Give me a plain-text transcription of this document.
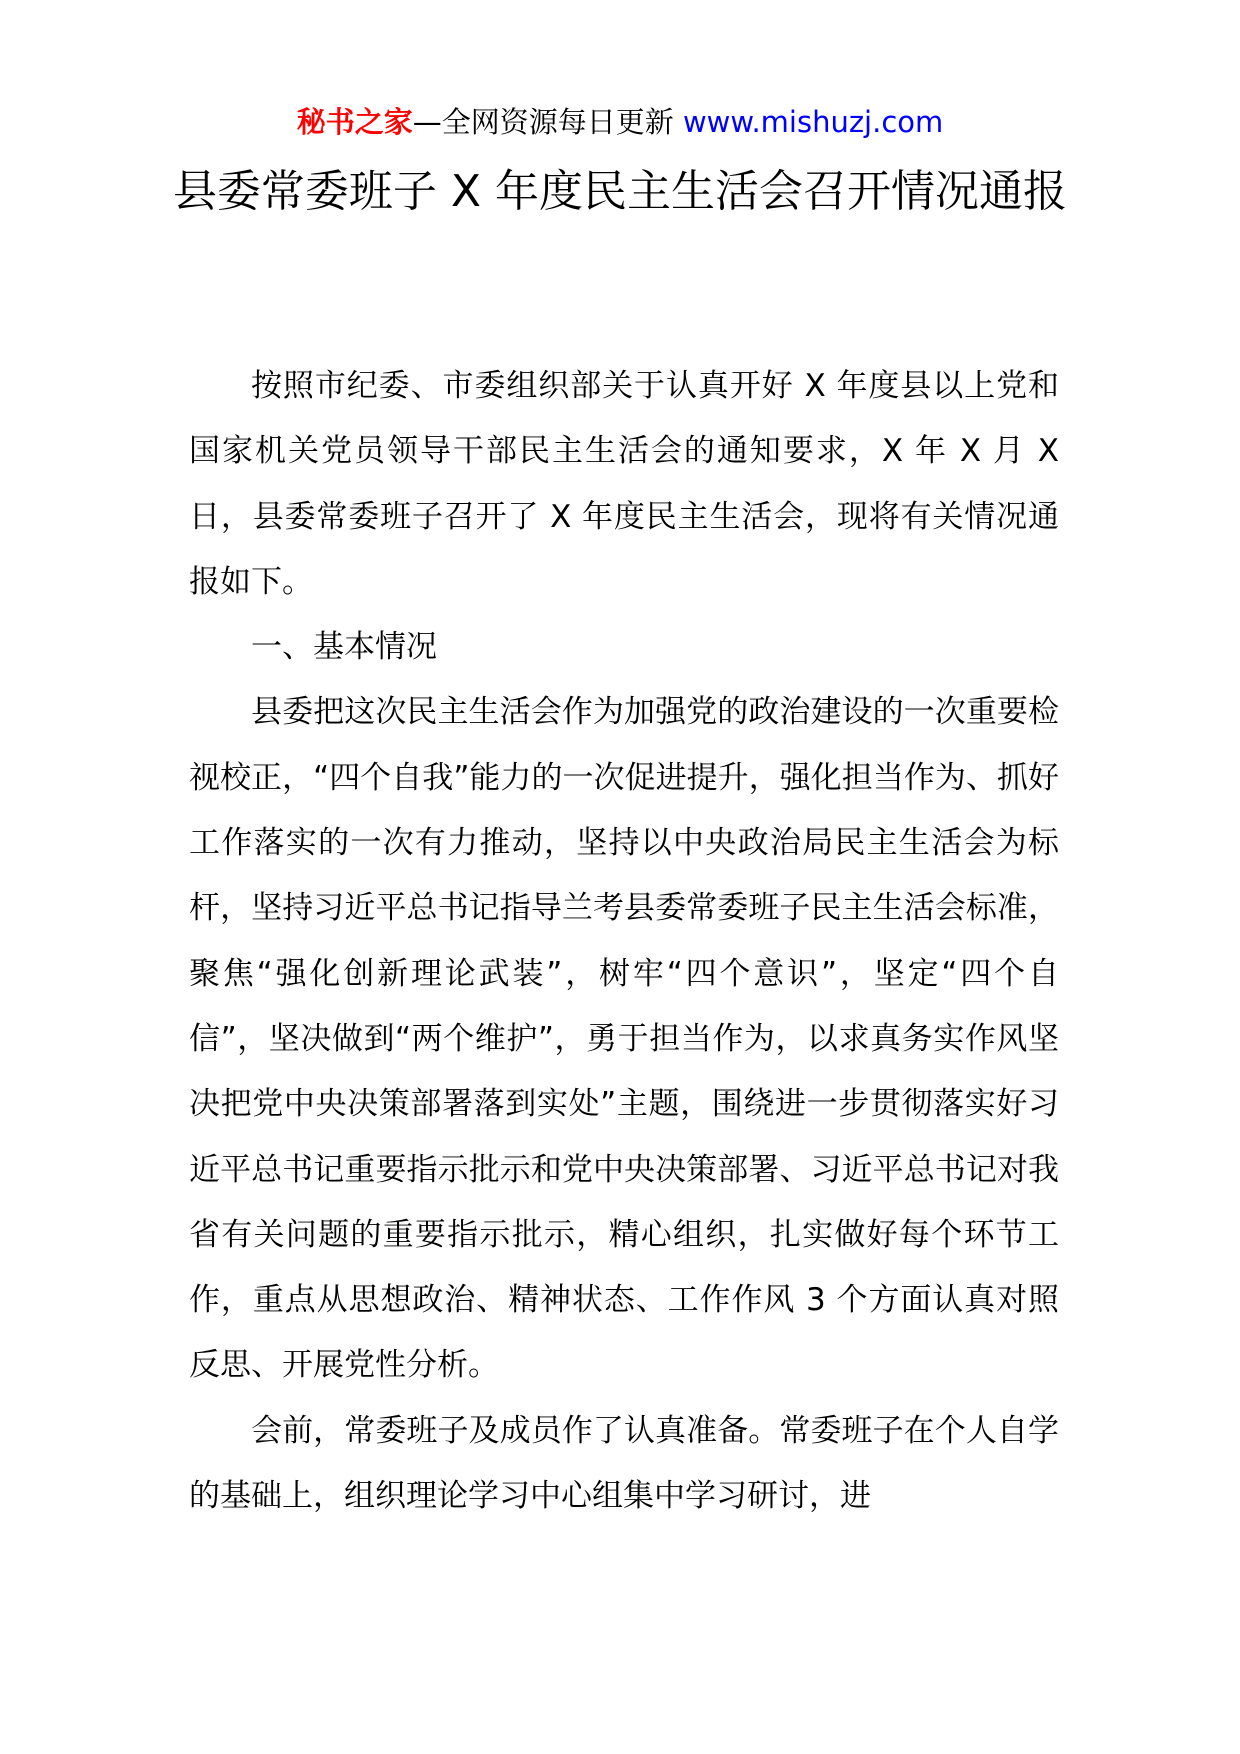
秘书之家—全网资源每日更新 www.mishuzj.com
县委常委班子 X 年度民主生活会召开情况通报

按照市纪委、市委组织部关于认真开好 X 年度县以上党和国家机关党员领导干部民主生活会的通知要求，X 年 X 月 X 日，县委常委班子召开了 X 年度民主生活会，现将有关情况通报如下。

一、基本情况

县委把这次民主生活会作为加强党的政治建设的一次重要检视校正，“四个自我”能力的一次促进提升，强化担当作为、抓好工作落实的一次有力推动，坚持以中央政治局民主生活会为标杆，坚持习近平总书记指导兰考县委常委班子民主生活会标准，聚焦“强化创新理论武装”，树牢“四个意识”，坚定“四个自信”，坚决做到“两个维护”，勇于担当作为，以求真务实作风坚决把党中央决策部署落到实处”主题，围绕进一步贯彻落实好习近平总书记重要指示批示和党中央决策部署、习近平总书记对我省有关问题的重要指示批示，精心组织，扎实做好每个环节工作，重点从思想政治、精神状态、工作作风 3 个方面认真对照反思、开展党性分析。

会前，常委班子及成员作了认真准备。常委班子在个人自学的基础上，组织理论学习中心组集中学习研讨，进
